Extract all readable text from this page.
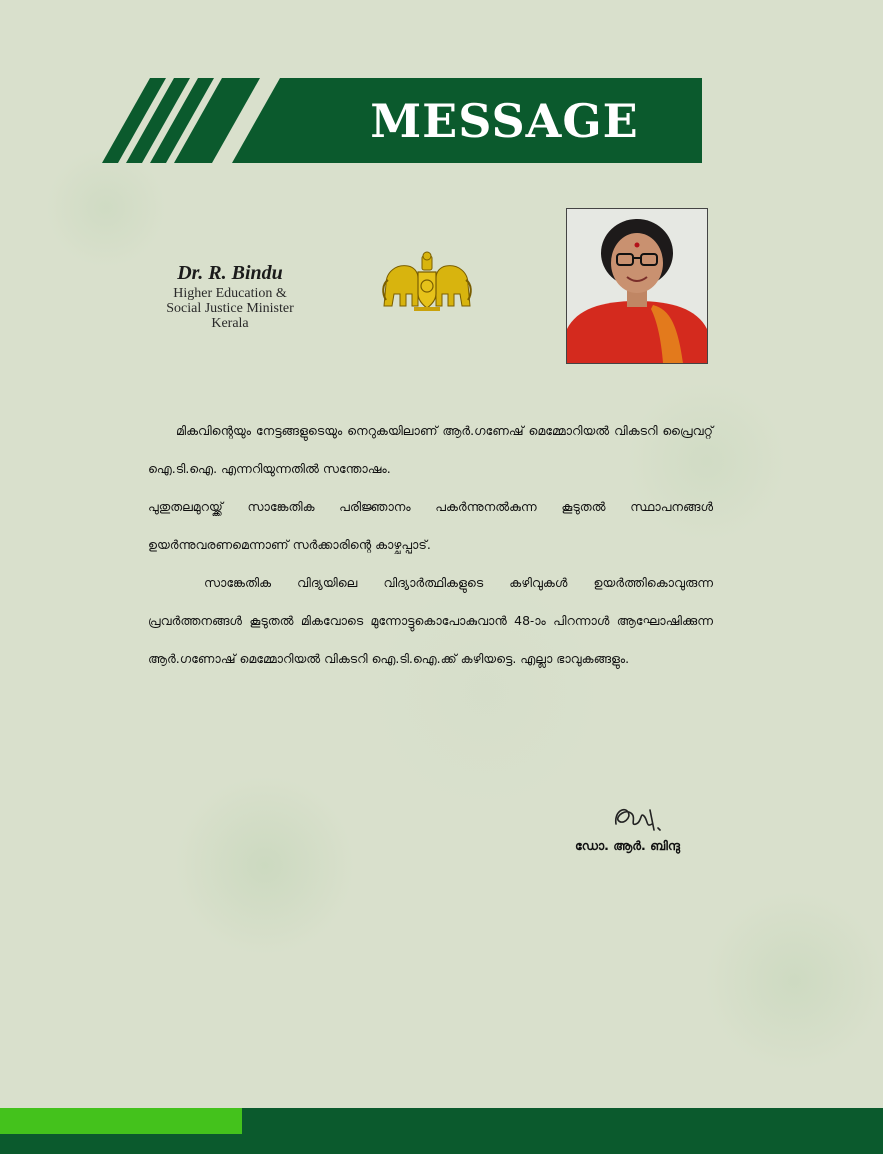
MESSAGE
Dr. R. Bindu
Higher Education &
Social Justice Minister
Kerala

മികവിന്റെയും നേട്ടങ്ങളുടെയും നെറുകയിലാണ് ആർ.ഗണേഷ് മെമ്മോറിയൽ വികടറി പ്രൈവറ്റ് ഐ.ടി.ഐ. എന്നറിയുന്നതിൽ സന്തോഷം.

പുതുതലമുറയ്ക്ക് സാങ്കേതിക പരിജ്ഞാനം പകർന്നുനൽകുന്ന കൂടുതൽ സ്ഥാപനങ്ങൾ ഉയർന്നുവരണമെന്നാണ് സർക്കാരിന്റെ കാഴ്ചപ്പാട്.

സാങ്കേതിക വിദ്യയിലെ വിദ്യാർത്ഥികളുടെ കഴിവുകൾ ഉയർത്തികൊവുരുന്ന പ്രവർത്തനങ്ങൾ കൂടുതൽ മികവോടെ മുന്നോട്ടുകൊപോകുവാൻ 48-ാം പിറന്നാൾ ആഘോഷിക്കുന്ന ആർ.ഗണോഷ് മെമ്മോറിയൽ വികടറി ഐ.ടി.ഐ.ക്ക് കഴിയട്ടെ. എല്ലാ ഭാവുകങ്ങളും.

ഡോ. ആർ. ബിന്ദു
